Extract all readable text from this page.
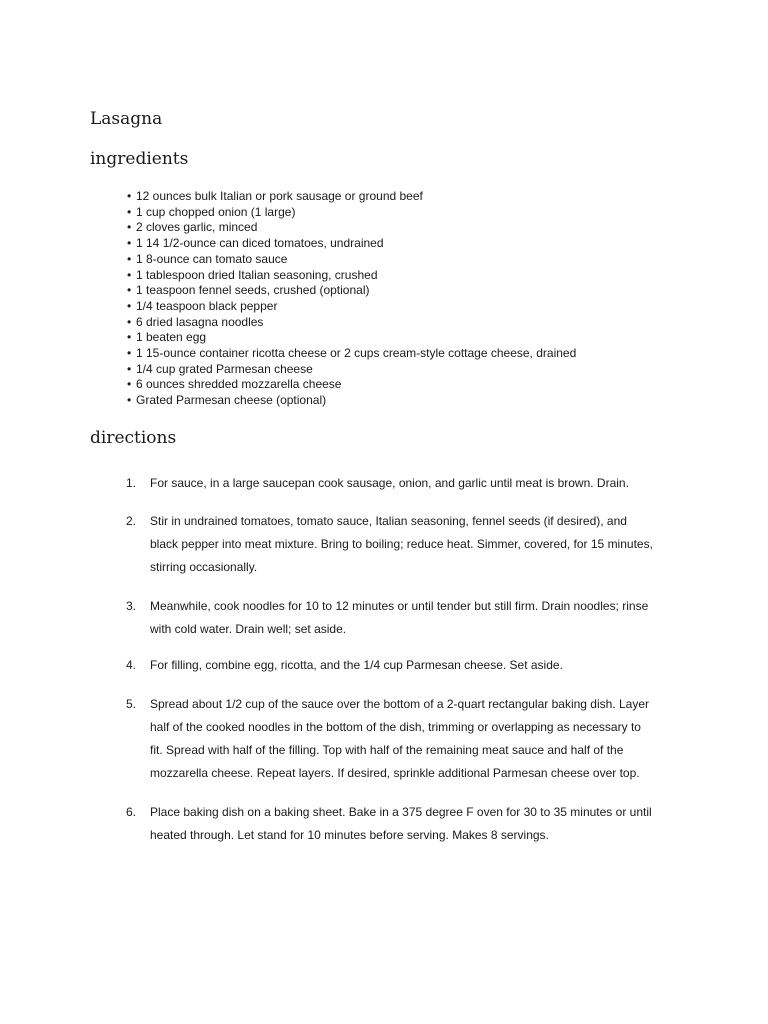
Lasagna
ingredients
• 12 ounces bulk Italian or pork sausage or ground beef
• 1 cup chopped onion (1 large)
• 2 cloves garlic, minced
• 1 14 1/2-ounce can diced tomatoes, undrained
• 1 8-ounce can tomato sauce
• 1 tablespoon dried Italian seasoning, crushed
• 1 teaspoon fennel seeds, crushed (optional)
• 1/4 teaspoon black pepper
• 6 dried lasagna noodles
• 1 beaten egg
• 1 15-ounce container ricotta cheese or 2 cups cream-style cottage cheese, drained
• 1/4 cup grated Parmesan cheese
• 6 ounces shredded mozzarella cheese
• Grated Parmesan cheese (optional)
directions
1.	For sauce, in a large saucepan cook sausage, onion, and garlic until meat is brown. Drain.
2.	Stir in undrained tomatoes, tomato sauce, Italian seasoning, fennel seeds (if desired), and
black pepper into meat mixture. Bring to boiling; reduce heat. Simmer, covered, for 15 minutes,
stirring occasionally.
3.	Meanwhile, cook noodles for 10 to 12 minutes or until tender but still firm. Drain noodles; rinse
with cold water. Drain well; set aside.
4.	For filling, combine egg, ricotta, and the 1/4 cup Parmesan cheese. Set aside.
5.	Spread about 1/2 cup of the sauce over the bottom of a 2-quart rectangular baking dish. Layer
half of the cooked noodles in the bottom of the dish, trimming or overlapping as necessary to
fit. Spread with half of the filling. Top with half of the remaining meat sauce and half of the
mozzarella cheese. Repeat layers. If desired, sprinkle additional Parmesan cheese over top.
6.	Place baking dish on a baking sheet. Bake in a 375 degree F oven for 30 to 35 minutes or until
heated through. Let stand for 10 minutes before serving. Makes 8 servings.
